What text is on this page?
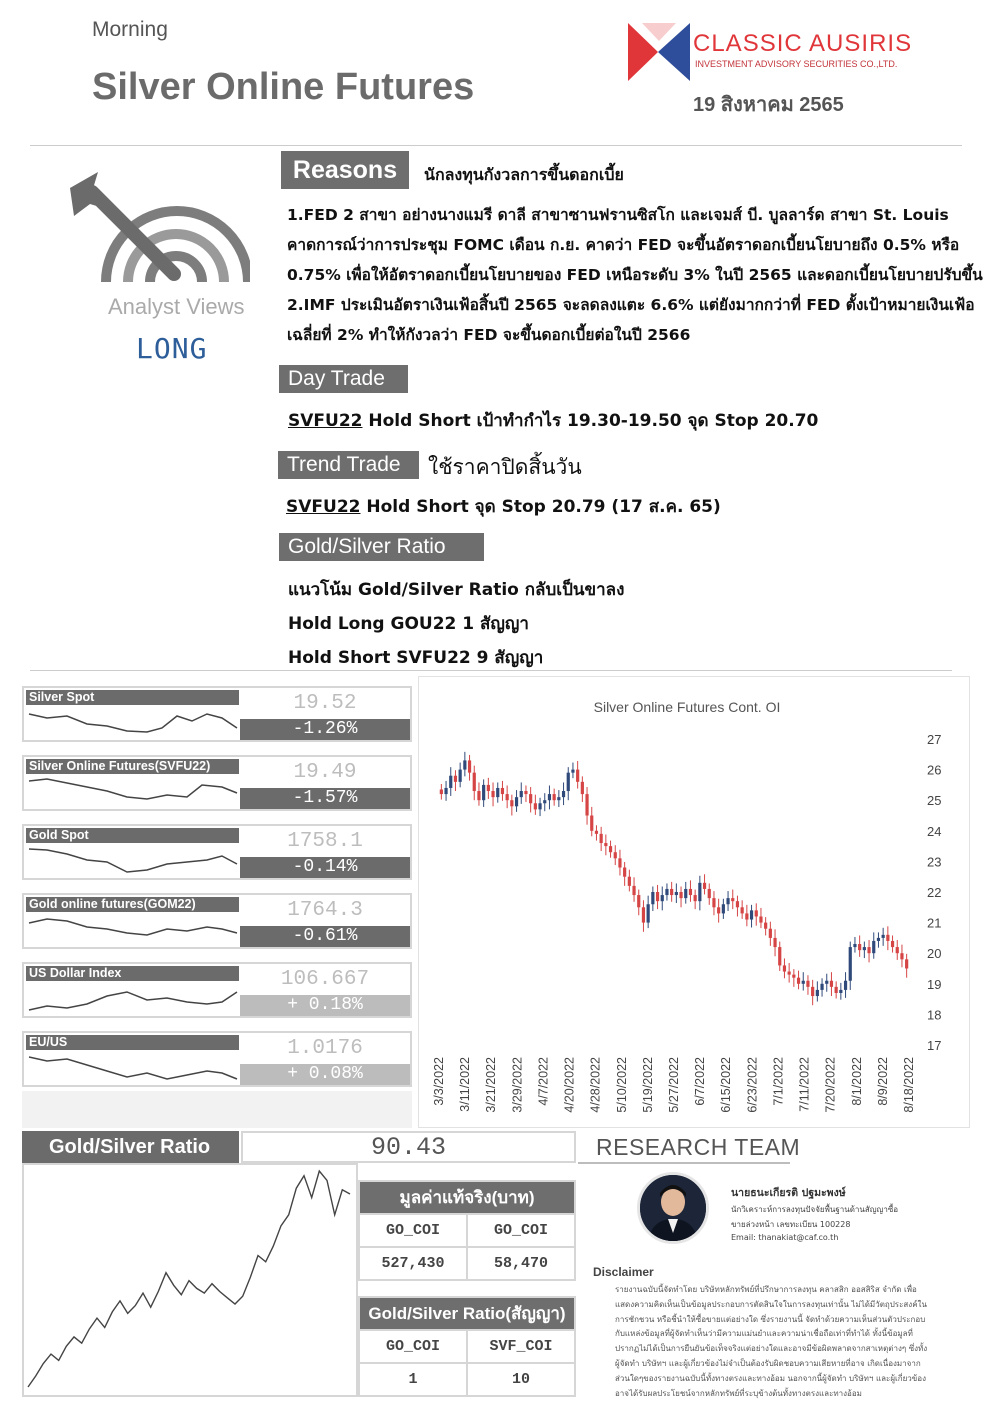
Morning
Silver Online Futures
CLASSIC AUSIRIS
INVESTMENT ADVISORY SECURITIES CO.,LTD.
19 สิงหาคม 2565
Analyst Views
LONG
Reasons	นักลงทุนกังวลการขึ้นดอกเบี้ย
1.FED 2 สาขา อย่างนางแมรี ดาลี สาขาซานฟรานซิสโก และเจมส์ บี. บูลลาร์ด สาขา St. Louis
คาดการณ์ว่าการประชุม FOMC เดือน ก.ย. คาดว่า FED จะขึ้นอัตราดอกเบี้ยนโยบายถึง 0.5% หรือ
0.75% เพื่อให้อัตราดอกเบี้ยนโยบายของ FED เหนือระดับ 3% ในปี 2565 และดอกเบี้ยนโยบายปรับขึ้น
2.IMF ประเมินอัตราเงินเฟ้อสิ้นปี 2565 จะลดลงแตะ 6.6% แต่ยังมากกว่าที่ FED ตั้งเป้าหมายเงินเฟ้อ
เฉลี่ยที่ 2% ทำให้กังวลว่า FED จะขึ้นดอกเบี้ยต่อในปี 2566
Day Trade
SVFU22 Hold Short เป้าทำกำไร 19.30-19.50 จุด Stop 20.70
Trend Trade	ใช้ราคาปิดสิ้นวัน
SVFU22 Hold Short จุด Stop 20.79 (17 ส.ค. 65)
Gold/Silver Ratio
แนวโน้ม Gold/Silver Ratio กลับเป็นขาลง
Hold Long GOU22 1 สัญญา
Hold Short SVFU22 9 สัญญา
Silver Spot	19.52
-1.26%
Silver Online Futures(SVFU22)	19.49
-1.57%
Gold Spot	1758.1
-0.14%
Gold online futures(GOM22)	1764.3
-0.61%
US Dollar Index	106.667
+ 0.18%
EU/US	1.0176
+ 0.08%
Silver Online Futures Cont. OI
17
18
19
20
21
22
23
24
25
26
27
3/3/2022 3/11/2022 3/21/2022 3/29/2022 4/7/2022 4/20/2022 4/28/2022 5/10/2022 5/19/2022 5/27/2022 6/7/2022 6/15/2022 6/23/2022 7/1/2022 7/11/2022 7/20/2022 8/1/2022 8/9/2022 8/18/2022
Gold/Silver Ratio	90.43
มูลค่าแท้จริง(บาท)	
GO_COI	GO_COI
527,430	58,470
Gold/Silver Ratio(สัญญา)	
GO_COI	SVF_COI
1	10
RESEARCH TEAM
นายธนะเกียรติ ปฐมะพงษ์
นักวิเคราะห์การลงทุนปัจจัยพื้นฐานด้านสัญญาซื้อ
ขายล่วงหน้า เลขทะเบียน 100228
Email: thanakiat@caf.co.th
Disclaimer
รายงานฉบับนี้จัดทำโดย บริษัทหลักทรัพย์ที่ปรึกษาการลงทุน คลาสสิก ออสสิริส จำกัด เพื่อ
แสดงความคิดเห็นเป็นข้อมูลประกอบการตัดสินใจในการลงทุนเท่านั้น ไม่ได้มีวัตถุประสงค์ใน
การชักชวน หรือชี้นำให้ซื้อขายแต่อย่างใด ซึ่งรายงานนี้ จัดทำด้วยความเห็นส่วนตัวประกอบ
กับแหล่งข้อมูลที่ผู้จัดทำเห็นว่ามีความแม่นยำและความน่าเชื่อถือเท่าที่ทำได้ ทั้งนี้ข้อมูลที่
ปรากฏไม่ได้เป็นการยืนยันข้อเท็จจริงแต่อย่างใดและอาจมีข้อผิดพลาดจากสาเหตุต่างๆ ซึ่งทั้ง
ผู้จัดทำ บริษัทฯ และผู้เกี่ยวข้องไม่จำเป็นต้องรับผิดชอบความเสียหายที่อาจ เกิดเนื่องมาจาก
ส่วนใดๆของรายงานฉบับนี้ทั้งทางตรงและทางอ้อม นอกจากนี้ผู้จัดทำ บริษัทฯ และผู้เกี่ยวข้อง
อาจได้รับผลประโยชน์จากหลักทรัพย์ที่ระบุข้างต้นทั้งทางตรงและทางอ้อม
